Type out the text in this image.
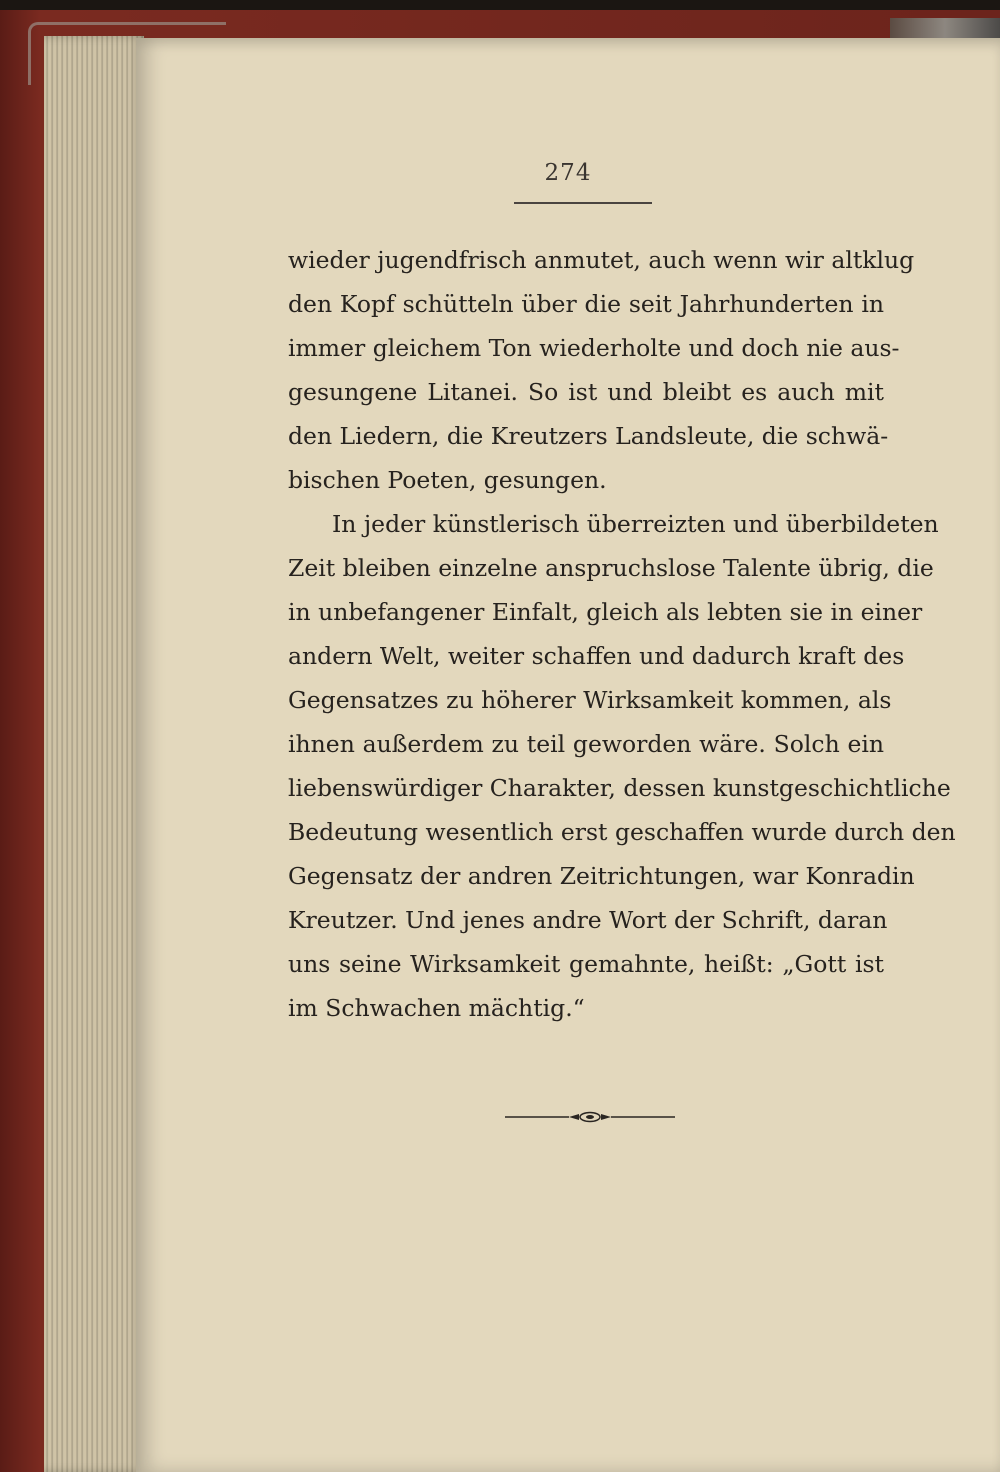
274
wieder jugendfrisch anmutet, auch wenn wir altklug
den Kopf schütteln über die seit Jahrhunderten in
immer gleichem Ton wiederholte und doch nie aus-
gesungene Litanei. So ist und bleibt es auch mit
den Liedern, die Kreutzers Landsleute, die schwä-
bischen Poeten, gesungen.
In jeder künstlerisch überreizten und überbildeten
Zeit bleiben einzelne anspruchslose Talente übrig, die
in unbefangener Einfalt, gleich als lebten sie in einer
andern Welt, weiter schaffen und dadurch kraft des
Gegensatzes zu höherer Wirksamkeit kommen, als
ihnen außerdem zu teil geworden wäre. Solch ein
liebenswürdiger Charakter, dessen kunstgeschichtliche
Bedeutung wesentlich erst geschaffen wurde durch den
Gegensatz der andren Zeitrichtungen, war Konradin
Kreutzer. Und jenes andre Wort der Schrift, daran
uns seine Wirksamkeit gemahnte, heißt: „Gott ist
im Schwachen mächtig.“
